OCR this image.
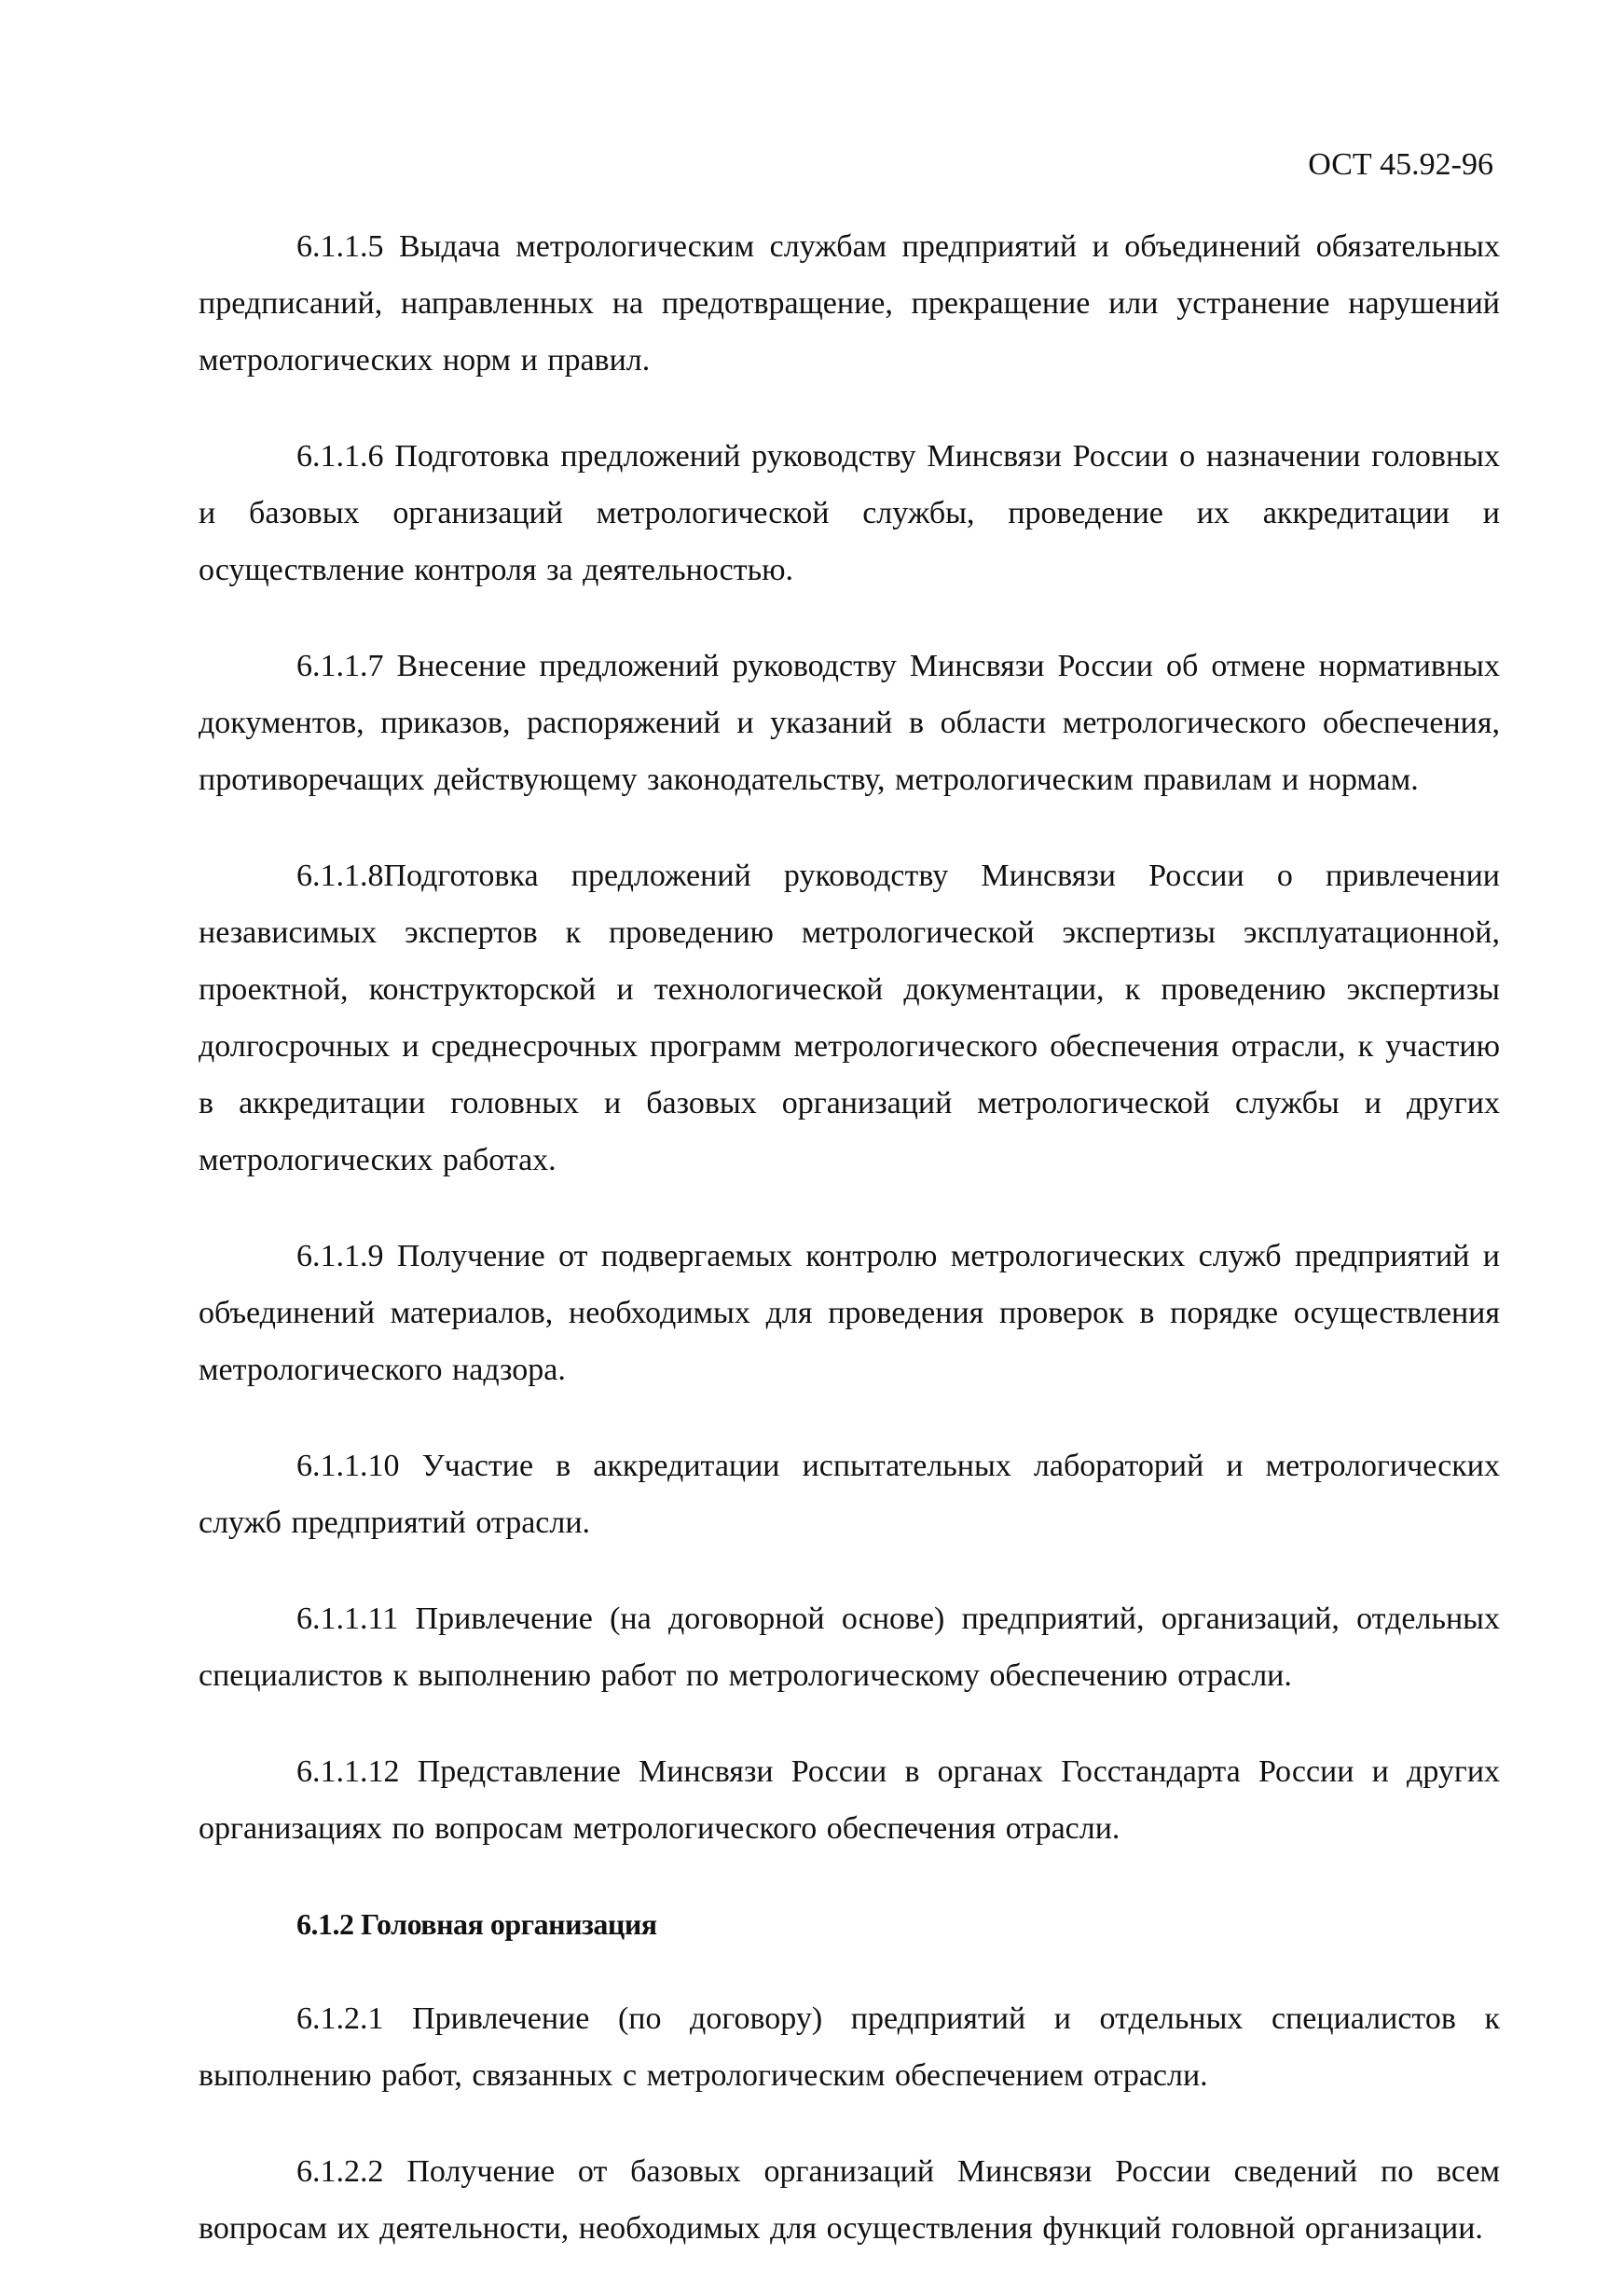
ОСТ 45.92-96

6.1.1.5 Выдача метрологическим службам предприятий и объединений обязательных предписаний, направленных на предотвращение, прекращение или устранение нарушений метрологических норм и правил.

6.1.1.6 Подготовка предложений руководству Минсвязи России о назначении головных и базовых организаций метрологической службы, проведение их аккредитации и осуществление контроля за деятельностью.

6.1.1.7 Внесение предложений руководству Минсвязи России об отмене нормативных документов, приказов, распоряжений и указаний в области метрологического обеспечения, противоречащих действующему законодательству, метрологическим правилам и нормам.

6.1.1.8Подготовка предложений руководству Минсвязи России о привлечении независимых экспертов к проведению метрологической экспертизы эксплуатационной, проектной, конструкторской и технологической документации, к проведению экспертизы долгосрочных и среднесрочных программ метрологического обеспечения отрасли, к участию в аккредитации головных и базовых организаций метрологической службы и других метрологических работах.

6.1.1.9 Получение от подвергаемых контролю метрологических служб предприятий и объединений материалов, необходимых для проведения проверок в порядке осуществления метрологического надзора.

6.1.1.10 Участие в аккредитации испытательных лабораторий и метрологических служб предприятий отрасли.

6.1.1.11 Привлечение (на договорной основе) предприятий, организаций, отдельных специалистов к выполнению работ по метрологическому обеспечению отрасли.

6.1.1.12 Представление Минсвязи России в органах Госстандарта России и других организациях по вопросам метрологического обеспечения отрасли.

6.1.2 Головная организация

6.1.2.1 Привлечение (по договору) предприятий и отдельных специалистов к выполнению работ, связанных с метрологическим обеспечением отрасли.

6.1.2.2 Получение от базовых организаций Минсвязи России сведений по всем вопросам их деятельности, необходимых для осуществления функций головной организации.
